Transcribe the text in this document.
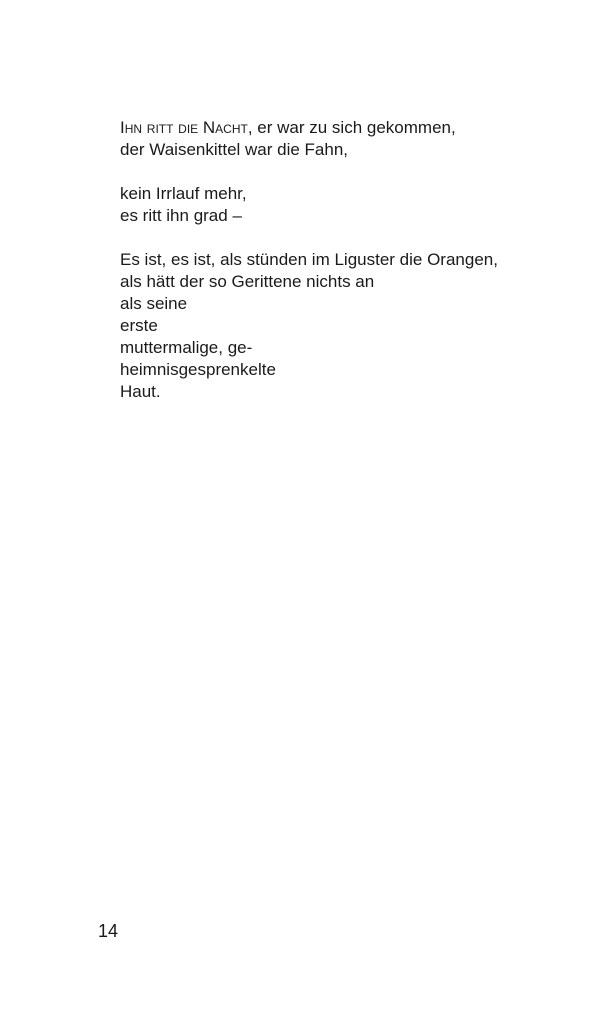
Ihn ritt die Nacht, er war zu sich gekommen,
der Waisenkittel war die Fahn,

kein Irrlauf mehr,
es ritt ihn grad –

Es ist, es ist, als stünden im Liguster die Orangen,
als hätt der so Gerittene nichts an
als seine
erste
muttermalige, ge-
heimnisgesprenkelte
Haut.

14
